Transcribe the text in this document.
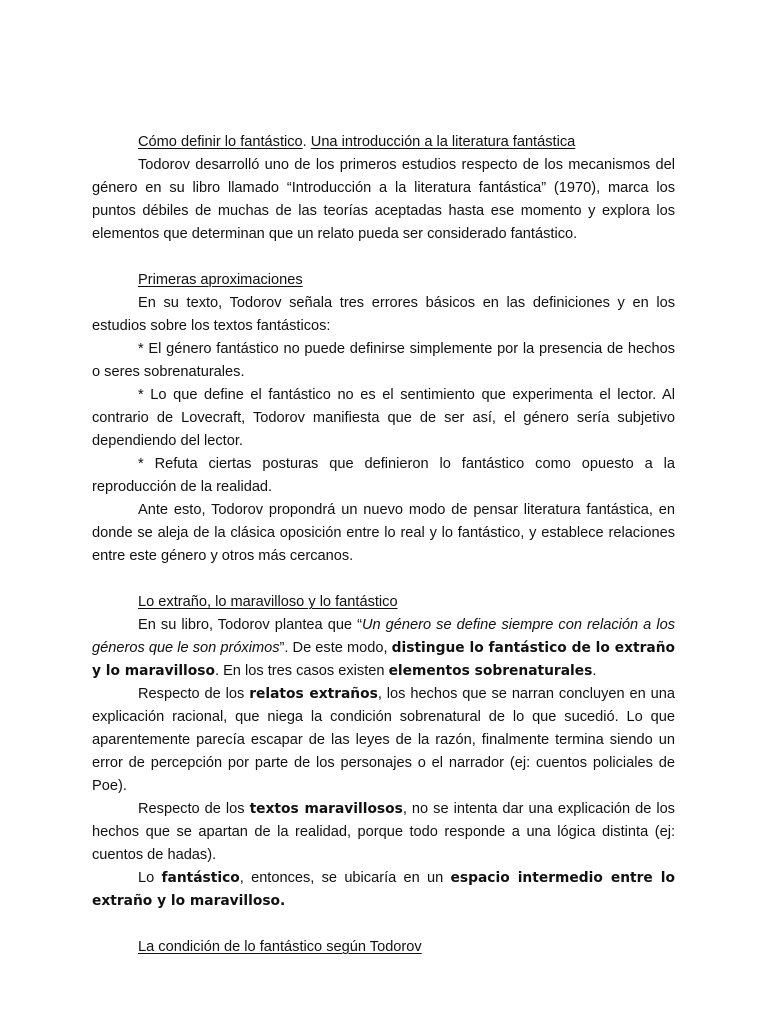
Cómo definir lo fantástico. Una introducción a la literatura fantástica

Todorov desarrolló uno de los primeros estudios respecto de los mecanismos del género en su libro llamado “Introducción a la literatura fantástica” (1970), marca los puntos débiles de muchas de las teorías aceptadas hasta ese momento y explora los elementos que determinan que un relato pueda ser considerado fantástico.

Primeras aproximaciones

En su texto, Todorov señala tres errores básicos en las definiciones y en los estudios sobre los textos fantásticos:

* El género fantástico no puede definirse simplemente por la presencia de hechos o seres sobrenaturales.

* Lo que define el fantástico no es el sentimiento que experimenta el lector. Al contrario de Lovecraft, Todorov manifiesta que de ser así, el género sería subjetivo dependiendo del lector.

* Refuta ciertas posturas que definieron lo fantástico como opuesto a la reproducción de la realidad.

Ante esto, Todorov propondrá un nuevo modo de pensar literatura fantástica, en donde se aleja de la clásica oposición entre lo real y lo fantástico, y establece relaciones entre este género y otros más cercanos.

Lo extraño, lo maravilloso y lo fantástico

En su libro, Todorov plantea que “Un género se define siempre con relación a los géneros que le son próximos”. De este modo, distingue lo fantástico de lo extraño y lo maravilloso. En los tres casos existen elementos sobrenaturales.

Respecto de los relatos extraños, los hechos que se narran concluyen en una explicación racional, que niega la condición sobrenatural de lo que sucedió. Lo que aparentemente parecía escapar de las leyes de la razón, finalmente termina siendo un error de percepción por parte de los personajes o el narrador (ej: cuentos policiales de Poe).

Respecto de los textos maravillosos, no se intenta dar una explicación de los hechos que se apartan de la realidad, porque todo responde a una lógica distinta (ej: cuentos de hadas).

Lo fantástico, entonces, se ubicaría en un espacio intermedio entre lo extraño y lo maravilloso.

La condición de lo fantástico según Todorov
